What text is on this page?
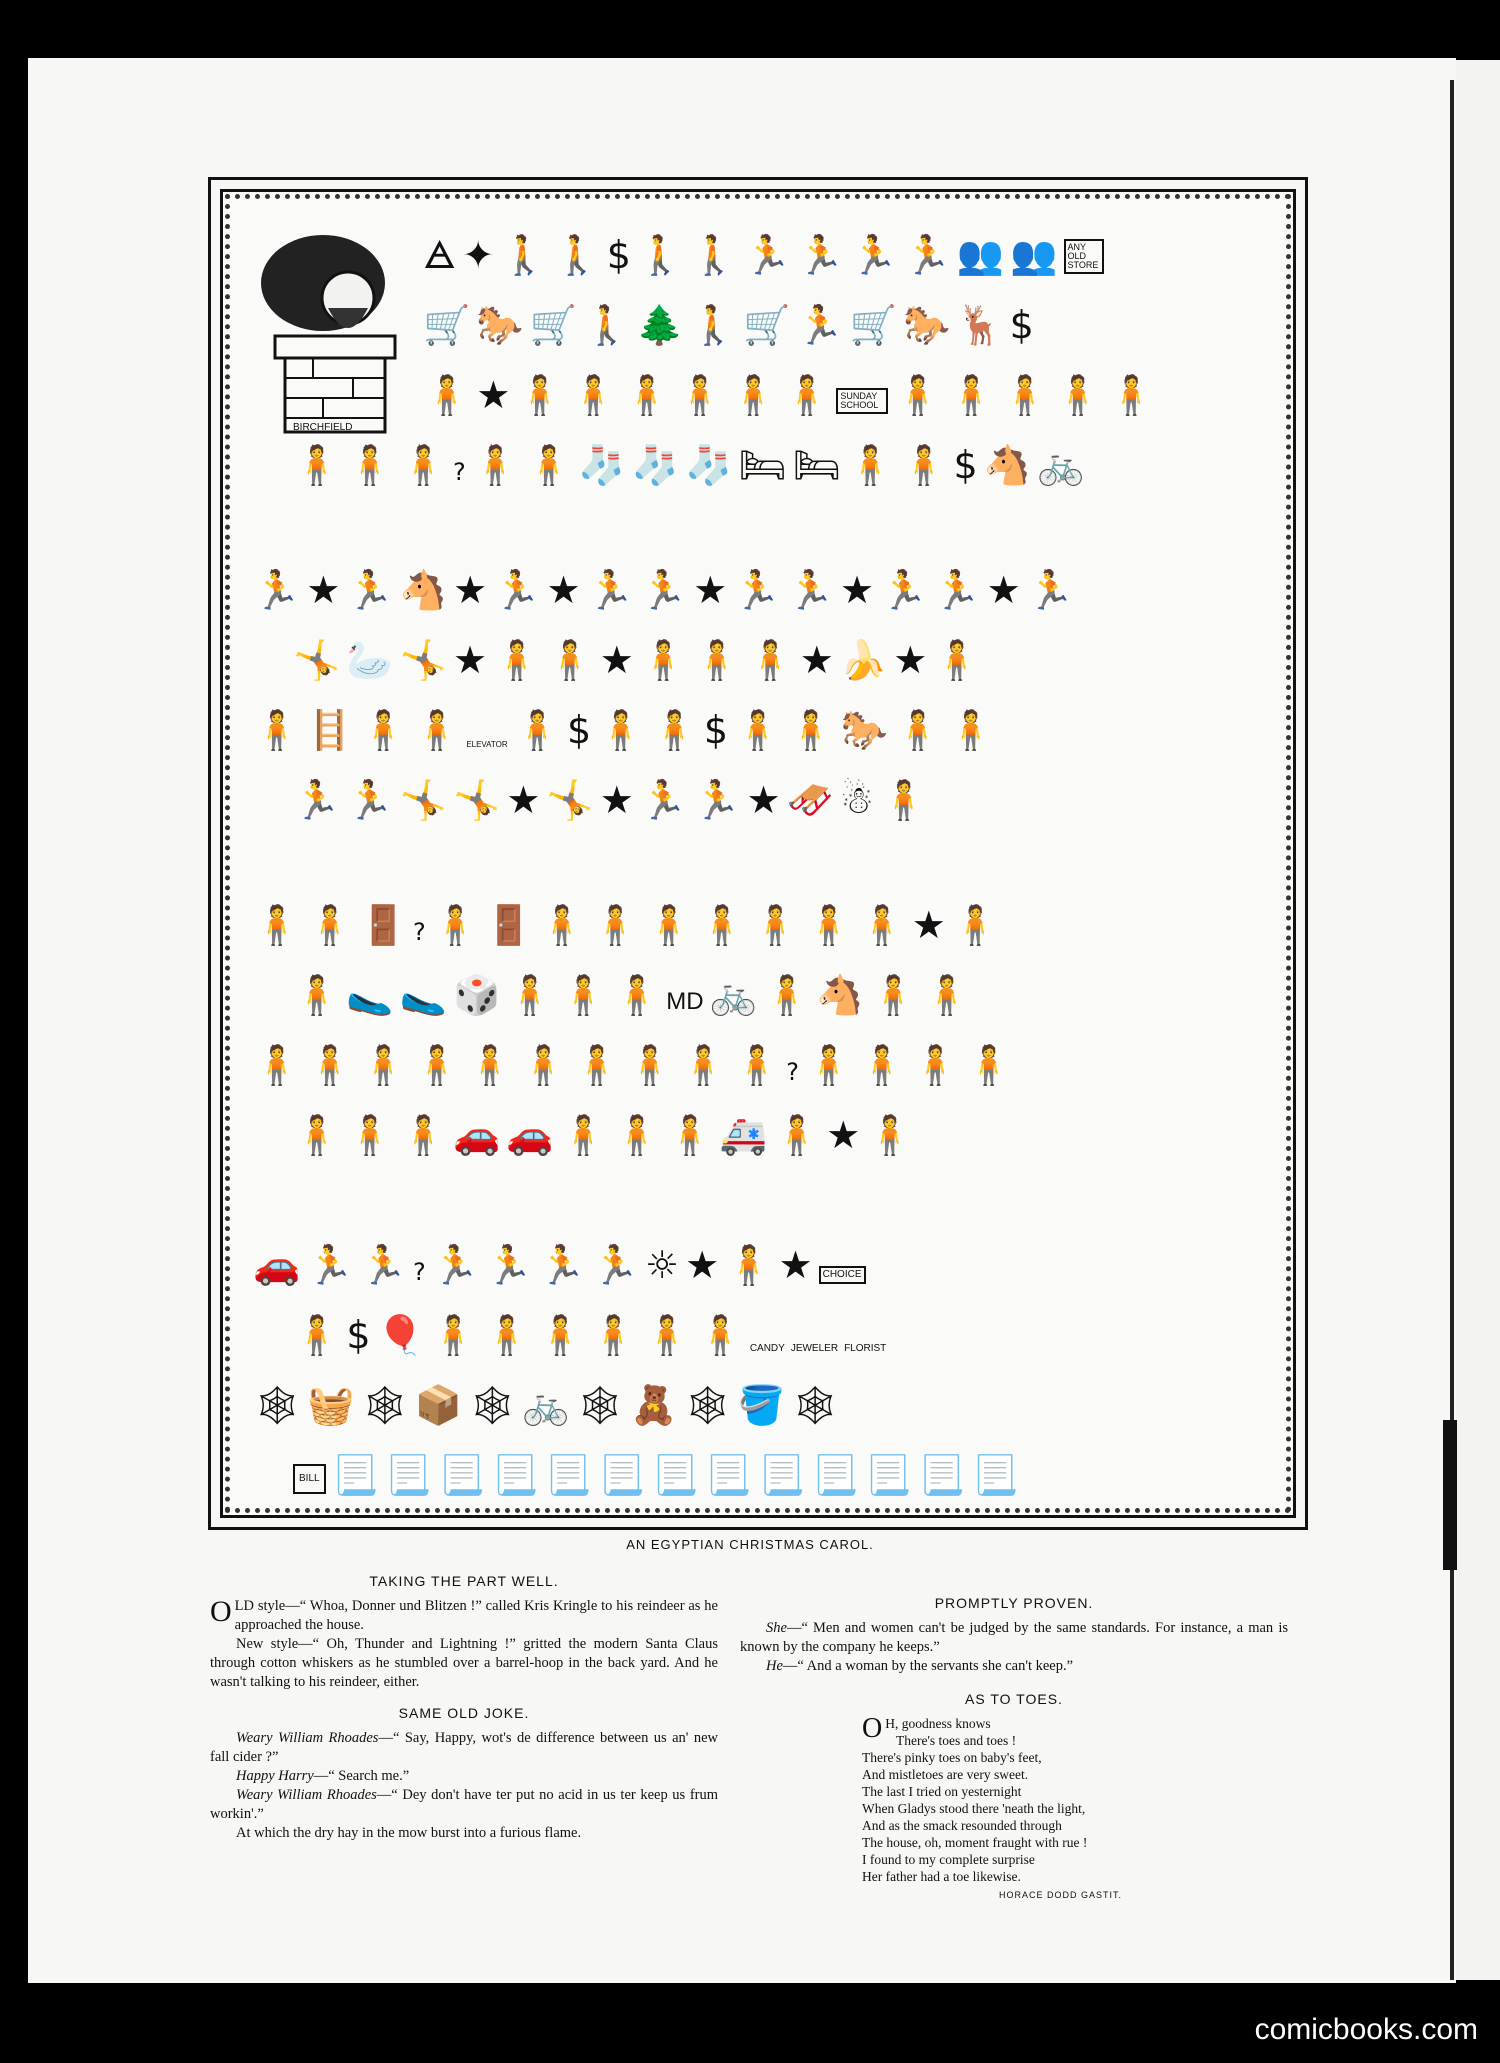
BIRCHFIELD
🜁 ✦ 🚶 🚶 $ 🚶 🚶 🏃 🏃 🏃 🏃 👥 👥	ANY OLD STORE
🛒 🐎 🛒 🚶 🌲 🚶 🛒 🏃 🛒 🐎 🦌 $
🧍 ★ 🧍 🧍 🧍 🧍 🧍 🧍	SUNDAY SCHOOL 🧍 🧍 🧍 🧍 🧍
🧍 🧍 🧍 ? 🧍 🧍 🧦 🧦 🧦 🛏 🛏 🧍 🧍 $ 🐴 🚲
🏃 ★ 🏃 🐴 ★ 🏃 ★ 🏃 🏃 ★ 🏃 🏃 ★ 🏃 🏃 ★ 🏃
🤸 🦢 🤸 ★ 🧍 🧍 ★ 🧍 🧍 🧍 ★ 🍌 ★ 🧍
🧍 🪜 🧍 🧍 ELEVATOR 🧍 $ 🧍 🧍 $ 🧍 🧍 🐎 🧍 🧍
🏃 🏃 🤸 🤸 ★ 🤸 ★ 🏃 🏃 ★ 🛷 ☃ 🧍
🧍 🧍 🚪 ? 🧍 🚪 🧍 🧍 🧍 🧍 🧍 🧍 🧍 ★ 🧍
🧍 🥿 🥿 🎲 🧍 🧍 🧍 MD 🚲 🧍 🐴 🧍 🧍
🧍 🧍 🧍 🧍 🧍 🧍 🧍 🧍 🧍 🧍 ? 🧍 🧍 🧍 🧍
🧍 🧍 🧍 🚗 🚗 🧍 🧍 🧍 🚑 🧍 ★ 🧍
🚗 🏃 🏃 ? 🏃 🏃 🏃 🏃 ☼ ★ 🧍 ★	CHOICE
🧍 $ 🎈 🧍 🧍 🧍 🧍 🧍 🧍 CANDY JEWELER FLORIST
🕸 🧺 🕸 📦 🕸 🚲 🕸 🧸 🕸 🪣 🕸
BILL 📃 📃 📃 📃 📃 📃 📃 📃 📃 📃 📃 📃 📃
AN EGYPTIAN CHRISTMAS CAROL.
TAKING THE PART WELL.

OLD style—“ Whoa, Donner und Blitzen !” called Kris Kringle to his reindeer as he approached the house.

New style—“ Oh, Thunder and Lightning !” gritted the modern Santa Claus through cotton whiskers as he stumbled over a barrel-hoop in the back yard. And he wasn't talking to his reindeer, either.

SAME OLD JOKE.

Weary William Rhoades—“ Say, Happy, wot's de difference between us an' new fall cider ?”

Happy Harry—“ Search me.”

Weary William Rhoades—“ Dey don't have ter put no acid in us ter keep us frum workin'.”

At which the dry hay in the mow burst into a furious flame.

PROMPTLY PROVEN.

She—“ Men and women can't be judged by the same standards. For instance, a man is known by the company he keeps.”

He—“ And a woman by the servants she can't keep.”

AS TO TOES.
O H, goodness knows
There's toes and toes !
There's pinky toes on baby's feet,
And mistletoes are very sweet.
The last I tried on yesternight
When Gladys stood there 'neath the light,
And as the smack resounded through
The house, oh, moment fraught with rue !
I found to my complete surprise
Her father had a toe likewise.
HORACE DODD GASTIT.
comicbooks.com
